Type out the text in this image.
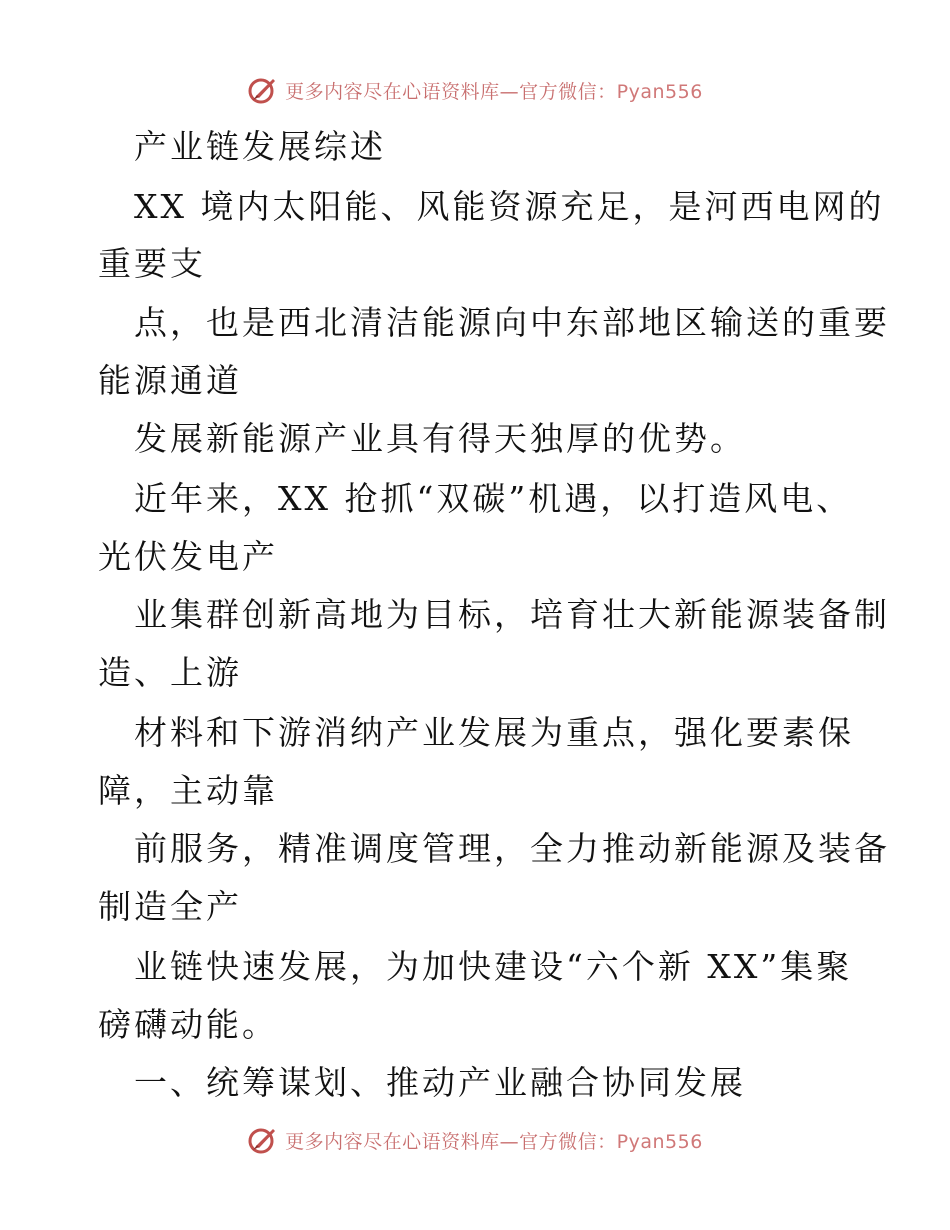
更多内容尽在心语资料库—官方微信：Pyan556
产业链发展综述
XX 境内太阳能、风能资源充足，是河西电网的
重要支
点，也是西北清洁能源向中东部地区输送的重要
能源通道
发展新能源产业具有得天独厚的优势。
近年来，XX 抢抓“双碳”机遇，以打造风电、
光伏发电产
业集群创新高地为目标，培育壮大新能源装备制
造、上游
材料和下游消纳产业发展为重点，强化要素保
障，主动靠
前服务，精准调度管理，全力推动新能源及装备
制造全产
业链快速发展，为加快建设“六个新 XX”集聚
磅礴动能。
一、统筹谋划、推动产业融合协同发展
更多内容尽在心语资料库—官方微信：Pyan556
